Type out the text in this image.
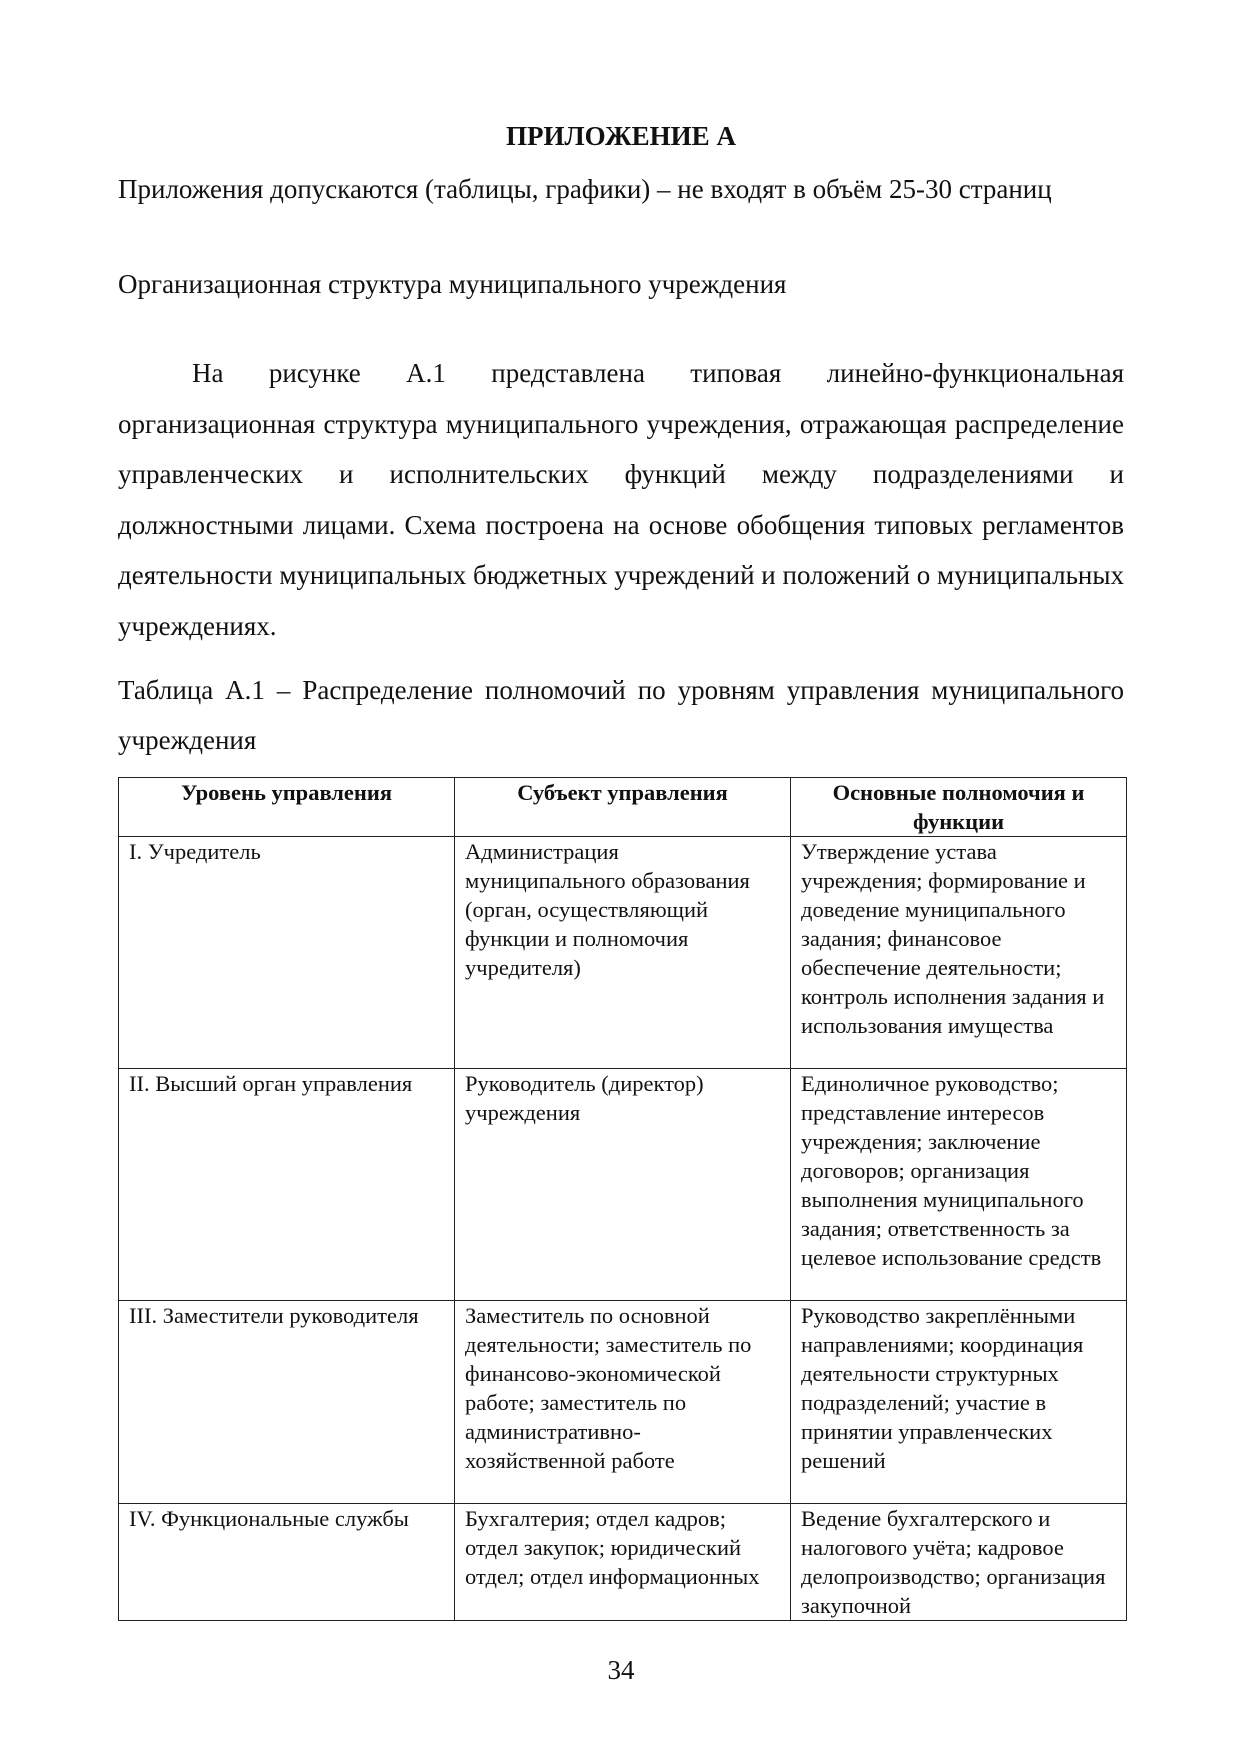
ПРИЛОЖЕНИЕ А
Приложения допускаются (таблицы, графики) – не входят в объём 25-30 страниц
Организационная структура муниципального учреждения
На рисунке А.1 представлена типовая линейно-функциональная организационная структура муниципального учреждения, отражающая распределение управленческих и исполнительских функций между подразделениями и должностными лицами. Схема построена на основе обобщения типовых регламентов деятельности муниципальных бюджетных учреждений и положений о муниципальных учреждениях.
Таблица А.1 – Распределение полномочий по уровням управления муниципального учреждения
Уровень управления	Субъект управления	Основные полномочия и функции
I. Учредитель	Администрация муниципального образования (орган, осуществляющий функции и полномочия учредителя)	Утверждение устава учреждения; формирование и доведение муниципального задания; финансовое обеспечение деятельности; контроль исполнения задания и использования имущества
II. Высший орган управления	Руководитель (директор) учреждения	Единоличное руководство; представление интересов учреждения; заключение договоров; организация выполнения муниципального задания; ответственность за целевое использование средств
III. Заместители руководителя	Заместитель по основной деятельности; заместитель по финансово-экономической работе; заместитель по административно-хозяйственной работе	Руководство закреплёнными направлениями; координация деятельности структурных подразделений; участие в принятии управленческих решений
IV. Функциональные службы	Бухгалтерия; отдел кадров; отдел закупок; юридический отдел; отдел информационных	Ведение бухгалтерского и налогового учёта; кадровое делопроизводство; организация закупочной
34
